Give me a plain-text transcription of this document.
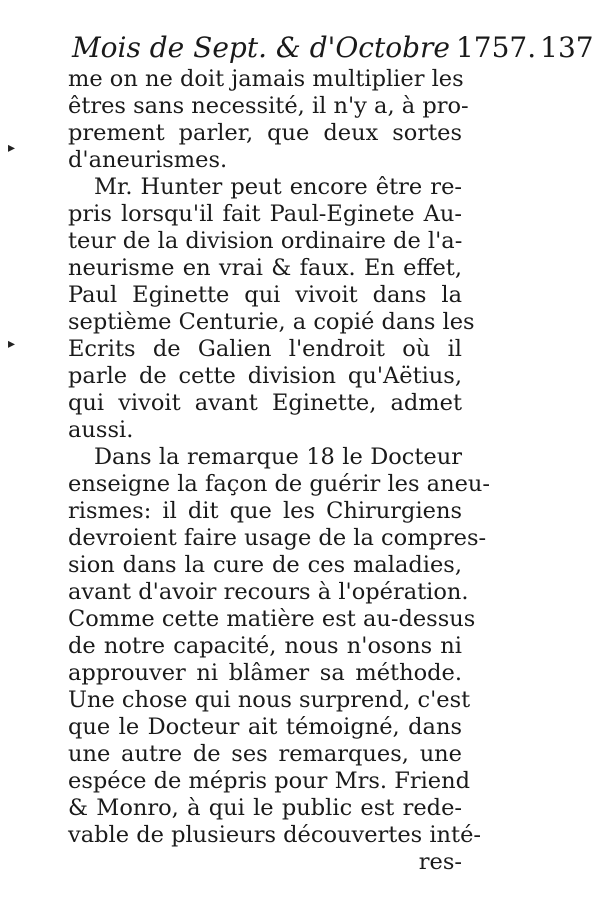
Mois de Sept. & d'Octobre 1757. 137
▸
▸
me on ne doit jamais multiplier les
êtres sans necessité, il n'y a, à pro-
prement parler, que deux sortes
d'aneurismes.
Mr. Hunter peut encore être re-
pris lorsqu'il fait Paul-Eginete Au-
teur de la division ordinaire de l'a-
neurisme en vrai & faux. En effet,
Paul Eginette qui vivoit dans la
septième Centurie, a copié dans les
Ecrits de Galien l'endroit où il
parle de cette division qu'Aëtius,
qui vivoit avant Eginette, admet
aussi.
Dans la remarque 18 le Docteur
enseigne la façon de guérir les aneu-
rismes: il dit que les Chirurgiens
devroient faire usage de la compres-
sion dans la cure de ces maladies,
avant d'avoir recours à l'opération.
Comme cette matière est au-dessus
de notre capacité, nous n'osons ni
approuver ni blâmer sa méthode.
Une chose qui nous surprend, c'est
que le Docteur ait témoigné, dans
une autre de ses remarques, une
espéce de mépris pour Mrs. Friend
& Monro, à qui le public est rede-
vable de plusieurs découvertes inté-
res-
